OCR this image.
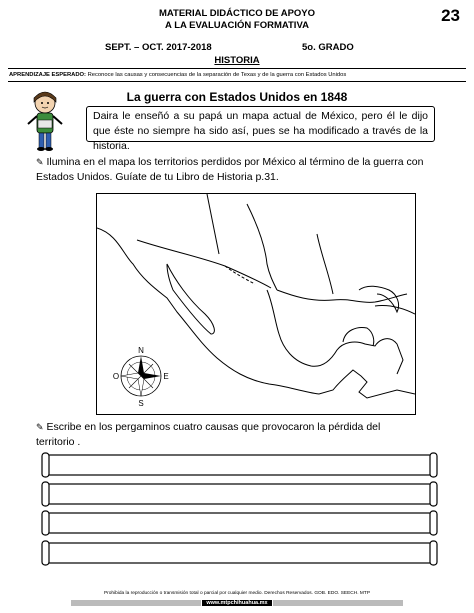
23
MATERIAL DIDÁCTICO DE APOYO
A LA EVALUACIÓN FORMATIVA
SEPT. – OCT. 2017-2018	5o. GRADO
HISTORIA
APRENDIZAJE ESPERADO: Reconoce las causas y consecuencias de la separación de Texas y de la guerra con Estados Unidos
La guerra con Estados Unidos en 1848
Daira le enseñó a su papá un mapa actual de México, pero él le dijo que éste no siempre ha sido así, pues se ha modificado a través de la historia.
✎ Ilumina en el mapa los territorios perdidos por México al término de la guerra con Estados Unidos. Guíate de tu Libro de Historia p.31.
N
S
E
O
✎ Escribe en los pergaminos cuatro causas que provocaron la pérdida del territorio .
Prohibida la reproducción o transmisión total o parcial por cualquier medio. Derechos Reservados. GOB. EDO. SEECH. MTP
www.mtpchihuahua.mx
